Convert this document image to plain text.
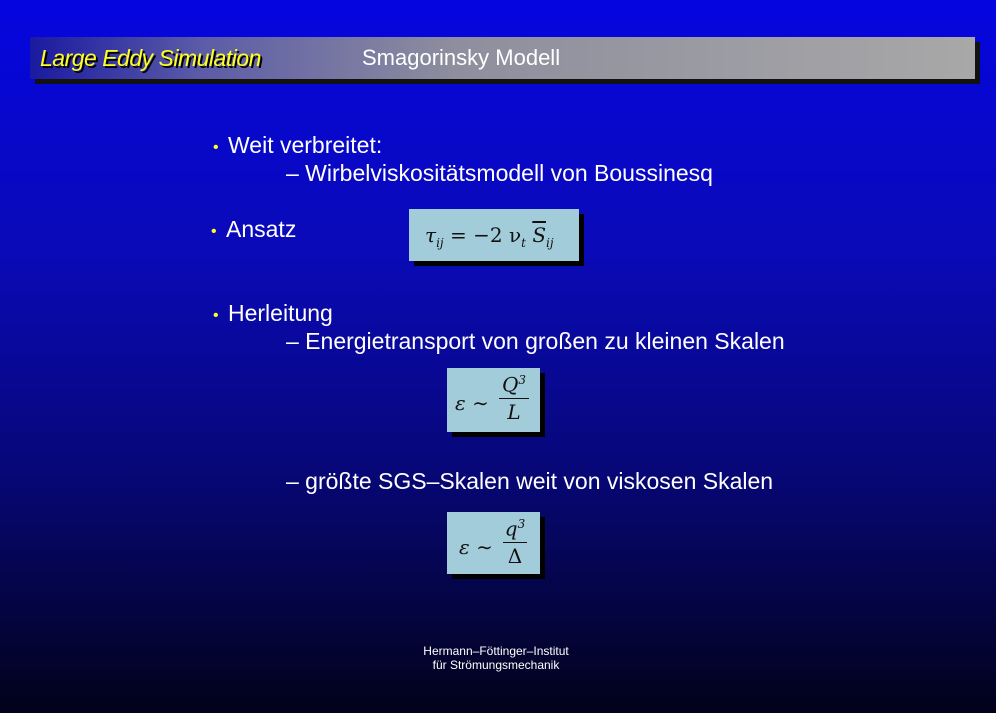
Large Eddy Simulation	Smagorinsky Modell
• Weit verbreitet:
– Wirbelviskositätsmodell von Boussinesq
• Ansatz	$\tau_{ij} = -2$ $\nu_t$ $\overline{S}_{ij}$
• Herleitung
– Energietransport von großen zu kleinen Skalen
ε ∼
$Q^3$
L
– größte SGS–Skalen weit von viskosen Skalen
ε ∼
$q^3$
Δ
Hermann–Föttinger–Institut
für Strömungsmechanik
